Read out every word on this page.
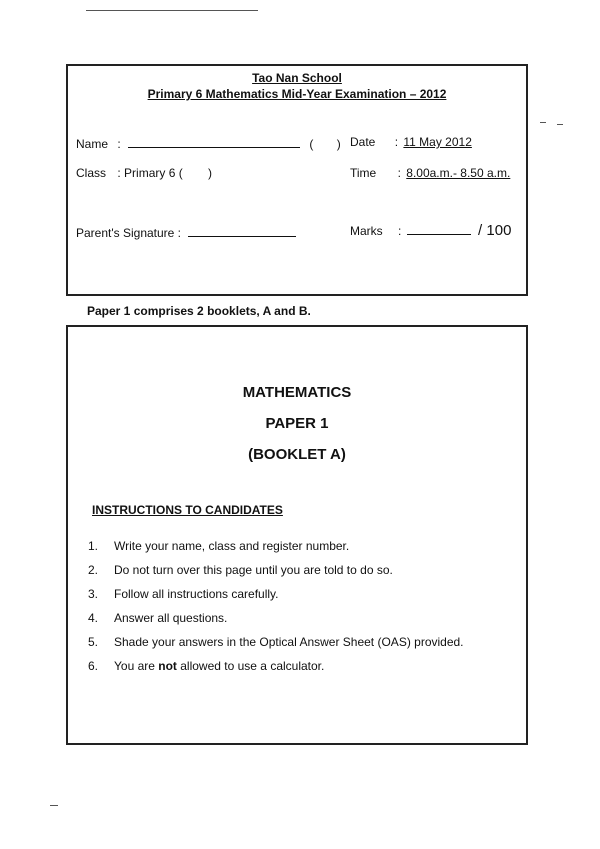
Tao Nan School
Primary 6 Mathematics Mid-Year Examination – 2012
Name :	( ) Date : 11 May 2012
Class : Primary 6 ( )	Time : 8.00a.m.- 8.50 a.m.
Parent's Signature :	Marks :	/ 100
Paper 1 comprises 2 booklets, A and B.
MATHEMATICS
PAPER 1
(BOOKLET A)
INSTRUCTIONS TO CANDIDATES
1.	Write your name, class and register number.
2.	Do not turn over this page until you are told to do so.
3.	Follow all instructions carefully.
4.	Answer all questions.
5.	Shade your answers in the Optical Answer Sheet (OAS) provided.
6.	You are not allowed to use a calculator.
